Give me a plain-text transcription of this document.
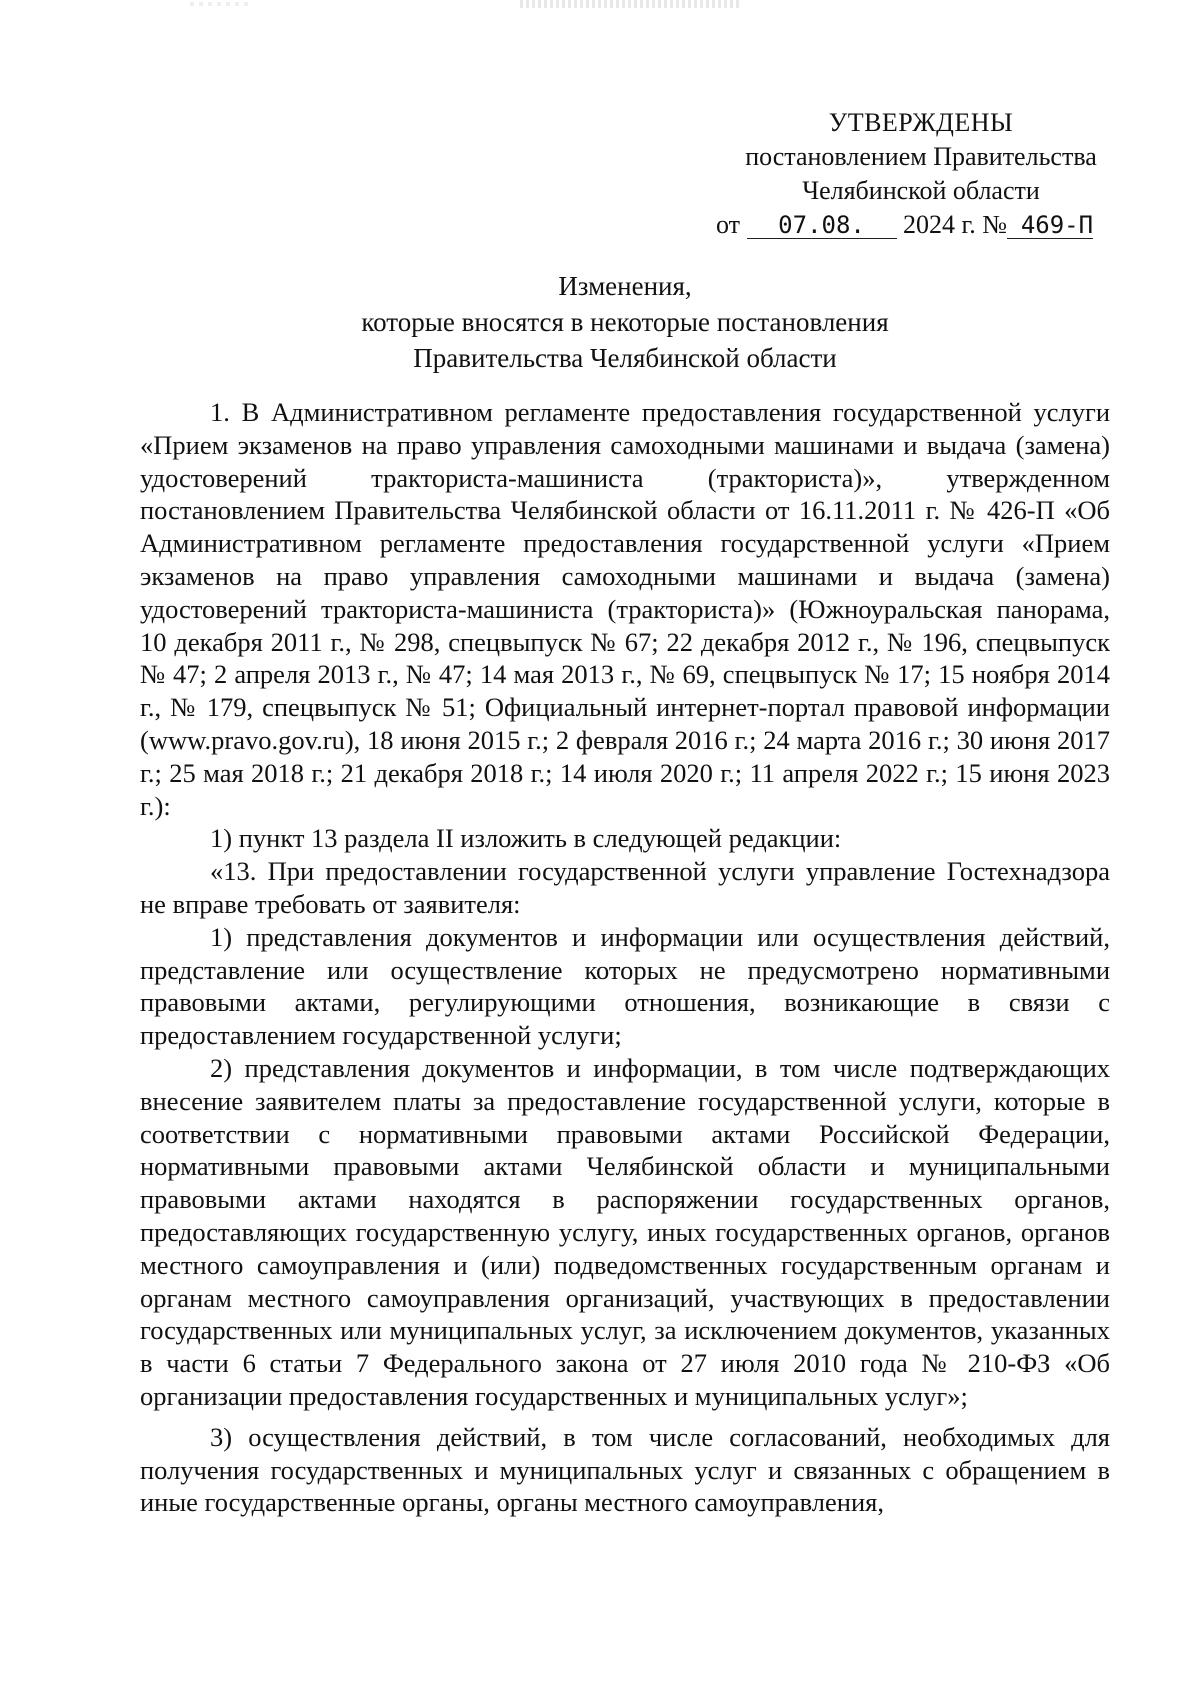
УТВЕРЖДЕНЫ
постановлением Правительства
Челябинской области
от 07.08. 2024 г. № 469-П
Изменения,
которые вносятся в некоторые постановления
Правительства Челябинской области

1. В Административном регламенте предоставления государственной услуги «Прием экзаменов на право управления самоходными машинами и выдача (замена) удостоверений тракториста-машиниста (тракториста)», утвержденном постановлением Правительства Челябинской области от 16.11.2011 г. № 426-П «Об Административном регламенте предоставления государственной услуги «Прием экзаменов на право управления самоходными машинами и выдача (замена) удостоверений тракториста-машиниста (тракториста)» (Южноуральская панорама, 10 декабря 2011 г., № 298, спецвыпуск № 67; 22 декабря 2012 г., № 196, спецвыпуск № 47; 2 апреля 2013 г., № 47; 14 мая 2013 г., № 69, спецвыпуск № 17; 15 ноября 2014 г., № 179, спецвыпуск № 51; Официальный интернет-портал правовой информации (www.pravo.gov.ru), 18 июня 2015 г.; 2 февраля 2016 г.; 24 марта 2016 г.; 30 июня 2017 г.; 25 мая 2018 г.; 21 декабря 2018 г.; 14 июля 2020 г.; 11 апреля 2022 г.; 15 июня 2023 г.):

1) пункт 13 раздела II изложить в следующей редакции:

«13. При предоставлении государственной услуги управление Гостехнадзора не вправе требовать от заявителя:

1) представления документов и информации или осуществления действий, представление или осуществление которых не предусмотрено нормативными правовыми актами, регулирующими отношения, возникающие в связи с предоставлением государственной услуги;

2) представления документов и информации, в том числе подтверждающих внесение заявителем платы за предоставление государственной услуги, которые в соответствии с нормативными правовыми актами Российской Федерации, нормативными правовыми актами Челябинской области и муниципальными правовыми актами находятся в распоряжении государственных органов, предоставляющих государственную услугу, иных государственных органов, органов местного самоуправления и (или) подведомственных государственным органам и органам местного самоуправления организаций, участвующих в предоставлении государственных или муниципальных услуг, за исключением документов, указанных в части 6 статьи 7 Федерального закона от 27 июля 2010 года № 210-ФЗ «Об организации предоставления государственных и муниципальных услуг»;

3) осуществления действий, в том числе согласований, необходимых для получения государственных и муниципальных услуг и связанных с обращением в иные государственные органы, органы местного самоуправления,
